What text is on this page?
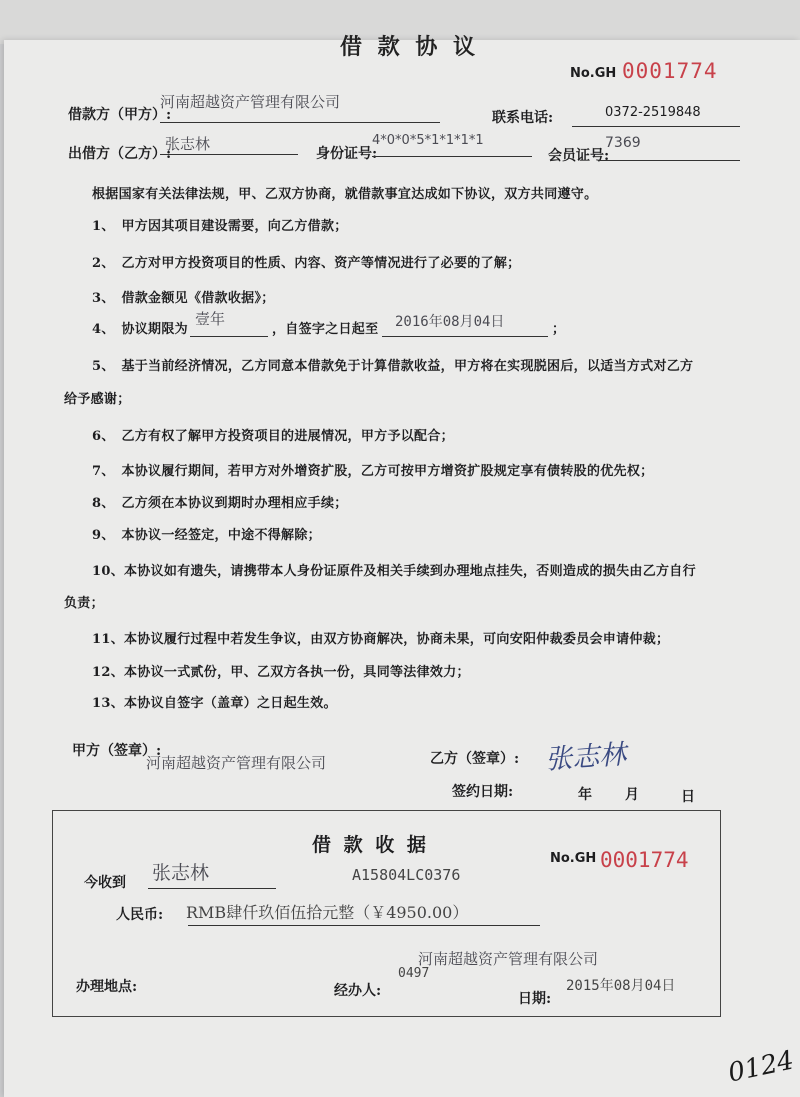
借 款 协 议
No.GH 0001774
借款方（甲方）:
河南超越资产管理有限公司
联系电话:	0372-2519848
出借方（乙方）:
张志林
身份证号:
4*0*0*5*1*1*1*1
会员证号:
7369
根据国家有关法律法规，甲、乙双方协商，就借款事宜达成如下协议，双方共同遵守。
1、　甲方因其项目建设需要，向乙方借款；
2、　乙方对甲方投资项目的性质、内容、资产等情况进行了必要的了解；
3、　借款金额见《借款收据》；
4、　协议期限为
壹年
，自签字之日起至 2016年08月04日	；
5、　基于当前经济情况，乙方同意本借款免于计算借款收益，甲方将在实现脱困后，以适当方式对乙方
给予感谢；
6、　乙方有权了解甲方投资项目的进展情况，甲方予以配合；
7、　本协议履行期间，若甲方对外增资扩股，乙方可按甲方增资扩股规定享有债转股的优先权；
8、　乙方须在本协议到期时办理相应手续；
9、　本协议一经签定，中途不得解除；
10、本协议如有遗失，请携带本人身份证原件及相关手续到办理地点挂失，否则造成的损失由乙方自行
负责；
11、本协议履行过程中若发生争议，由双方协商解决，协商未果，可向安阳仲裁委员会申请仲裁；
12、本协议一式贰份，甲、乙双方各执一份，具同等法律效力；
13、本协议自签字（盖章）之日起生效。
甲方（签章）:
河南超越资产管理有限公司	乙方（签章）: 张志林
签约日期:	年 月	日
借 款 收 据
今收到 张志林	A15804LC0376
No.GH 0001774
人民币: RMB肆仟玖佰伍拾元整（￥4950.00）
河南超越资产管理有限公司
办理地点:	经办人:
0497
日期:
2015年08月04日
0124
